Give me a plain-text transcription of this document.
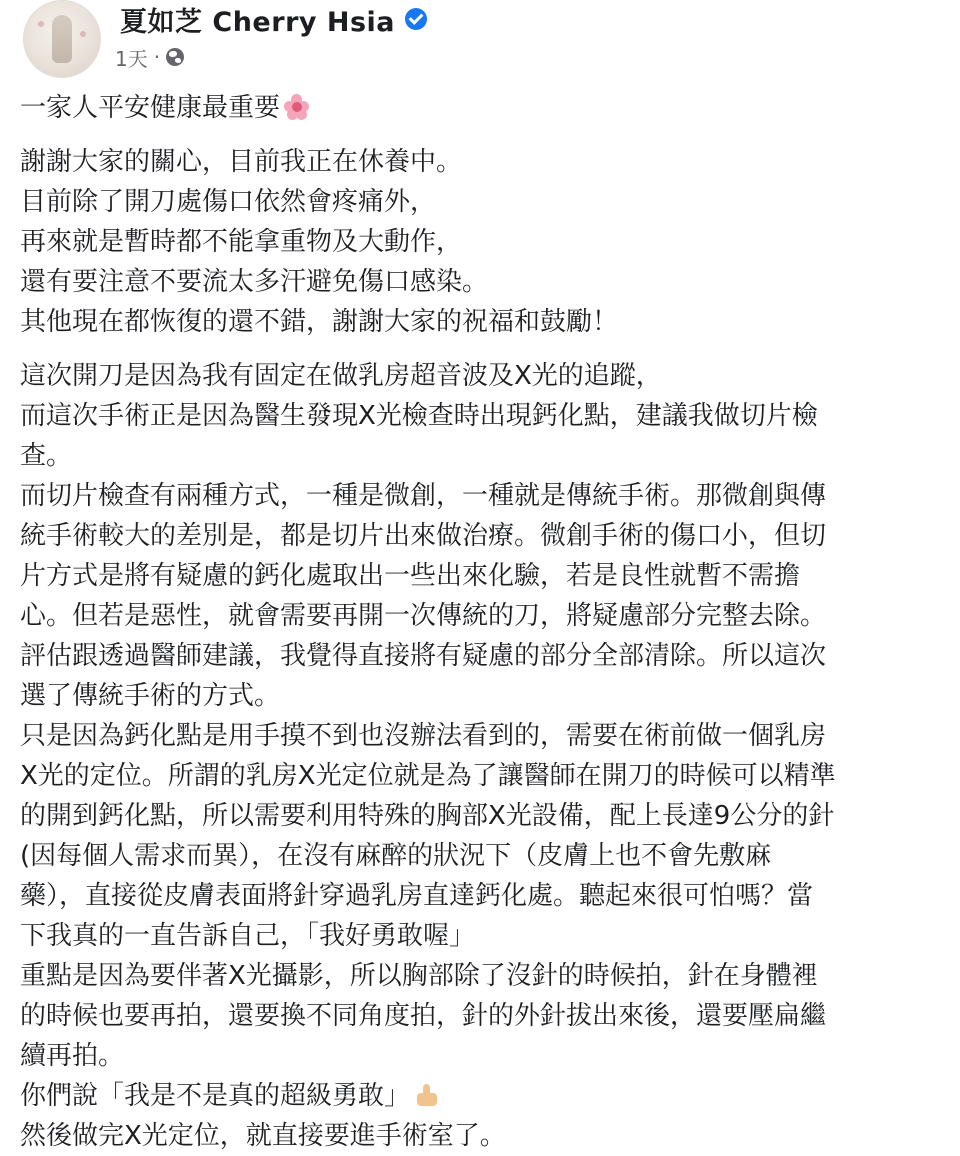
夏如芝 Cherry Hsia
1天 ·

一家人平安健康最重要

謝謝大家的關心，目前我正在休養中。
目前除了開刀處傷口依然會疼痛外，
再來就是暫時都不能拿重物及大動作，
還有要注意不要流太多汗避免傷口感染。
其他現在都恢復的還不錯，謝謝大家的祝福和鼓勵！

這次開刀是因為我有固定在做乳房超音波及X光的追蹤，
而這次手術正是因為醫生發現X光檢查時出現鈣化點，建議我做切片檢
查。
而切片檢查有兩種方式，一種是微創，一種就是傳統手術。那微創與傳
統手術較大的差別是，都是切片出來做治療。微創手術的傷口小，但切
片方式是將有疑慮的鈣化處取出一些出來化驗，若是良性就暫不需擔
心。但若是惡性，就會需要再開一次傳統的刀，將疑慮部分完整去除。
評估跟透過醫師建議，我覺得直接將有疑慮的部分全部清除。所以這次
選了傳統手術的方式。
只是因為鈣化點是用手摸不到也沒辦法看到的，需要在術前做一個乳房
X光的定位。所謂的乳房X光定位就是為了讓醫師在開刀的時候可以精準
的開到鈣化點，所以需要利用特殊的胸部X光設備，配上長達9公分的針
(因每個人需求而異），在沒有麻醉的狀況下（皮膚上也不會先敷麻
藥），直接從皮膚表面將針穿過乳房直達鈣化處。聽起來很可怕嗎？當
下我真的一直告訴自己，「我好勇敢喔」
重點是因為要伴著X光攝影，所以胸部除了沒針的時候拍，針在身體裡
的時候也要再拍，還要換不同角度拍，針的外針拔出來後，還要壓扁繼
續再拍。
你們說「我是不是真的超級勇敢」
然後做完X光定位，就直接要進手術室了。
